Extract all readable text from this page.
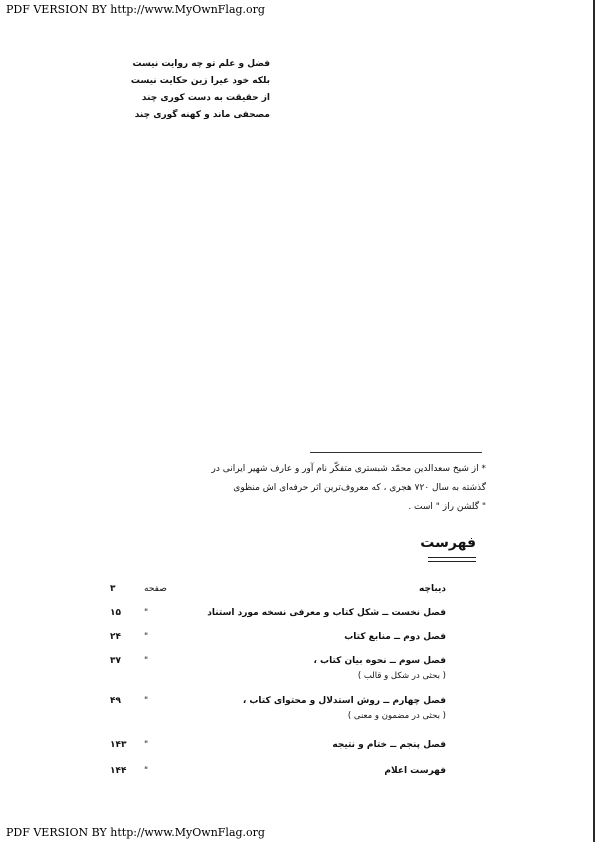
PDF VERSION BY http://www.MyOwnFlag.org
فضل و علم تو چه روایت نیست
بلکه خود عیرا زین حکایت نیست
از حقیقت به دست کوری چند
مصحفی ماند و کهنه گوری چند
* از شیخ سعدالدین محمّد شبستری متفکّر نام آور و عارف شهیر ایرانی در
گذشته به سال ۷۲۰ هجری ، که معروف‌ترین اثر حرفه‌ای اش منظوی
" گلشن راز " است .
فهرست
دیباچه
صفحه
۳
فصل نخست ــ شکل کتاب و معرفی نسخه مورد استناد
"
۱۵
فصل دوم ــ منابع کتاب
"
۲۴
فصل سوم ــ نحوه بیان کتاب ،
( بحثی در شکل و قالب )
"
۳۷
فصل چهارم ــ روش استدلال و محتوای کتاب ،
( بحثی در مضمون و معنی )
"
۴۹
فصل پنجم ــ ختام و نتیجه
"
۱۴۳
فهرست اعلام
"
۱۴۴
PDF VERSION BY http://www.MyOwnFlag.org
